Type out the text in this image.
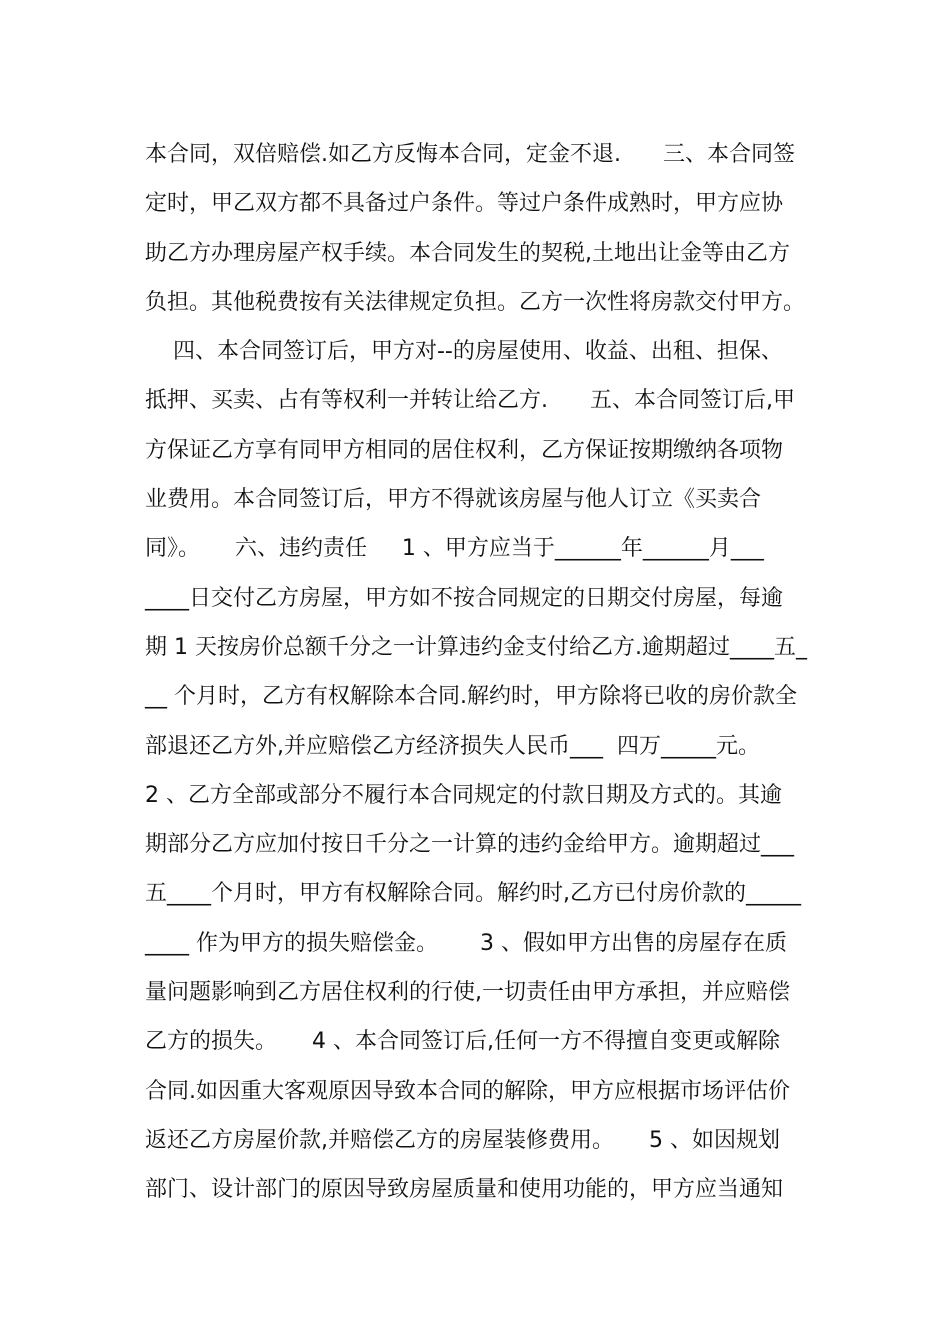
本合同，双倍赔偿.如乙方反悔本合同，定金不退.      三、本合同签
定时，甲乙双方都不具备过户条件。等过户条件成熟时，甲方应协
助乙方办理房屋产权手续。本合同发生的契税,土地出让金等由乙方
负担。其他税费按有关法律规定负担。乙方一次性将房款交付甲方。
四、本合同签订后，甲方对--的房屋使用、收益、出租、担保、
抵押、买卖、占有等权利一并转让给乙方.      五、本合同签订后,甲
方保证乙方享有同甲方相同的居住权利，乙方保证按期缴纳各项物
业费用。本合同签订后，甲方不得就该房屋与他人订立《买卖合
同》。     六、违约责任     1 、甲方应当于______年______月___
____日交付乙方房屋，甲方如不按合同规定的日期交付房屋，每逾
期 1 天按房价总额千分之一计算违约金支付给乙方.逾期超过____五_
__ 个月时，乙方有权解除本合同.解约时，甲方除将已收的房价款全
部退还乙方外,并应赔偿乙方经济损失人民币___  四万_____元。
2 、乙方全部或部分不履行本合同规定的付款日期及方式的。其逾
期部分乙方应加付按日千分之一计算的违约金给甲方。逾期超过___
五____个月时，甲方有权解除合同。解约时,乙方已付房价款的_____
____ 作为甲方的损失赔偿金。      3 、假如甲方出售的房屋存在质
量问题影响到乙方居住权利的行使,一切责任由甲方承担，并应赔偿
乙方的损失。     4 、本合同签订后,任何一方不得擅自变更或解除
合同.如因重大客观原因导致本合同的解除，甲方应根据市场评估价
返还乙方房屋价款,并赔偿乙方的房屋装修费用。     5 、如因规划
部门、设计部门的原因导致房屋质量和使用功能的，甲方应当通知
